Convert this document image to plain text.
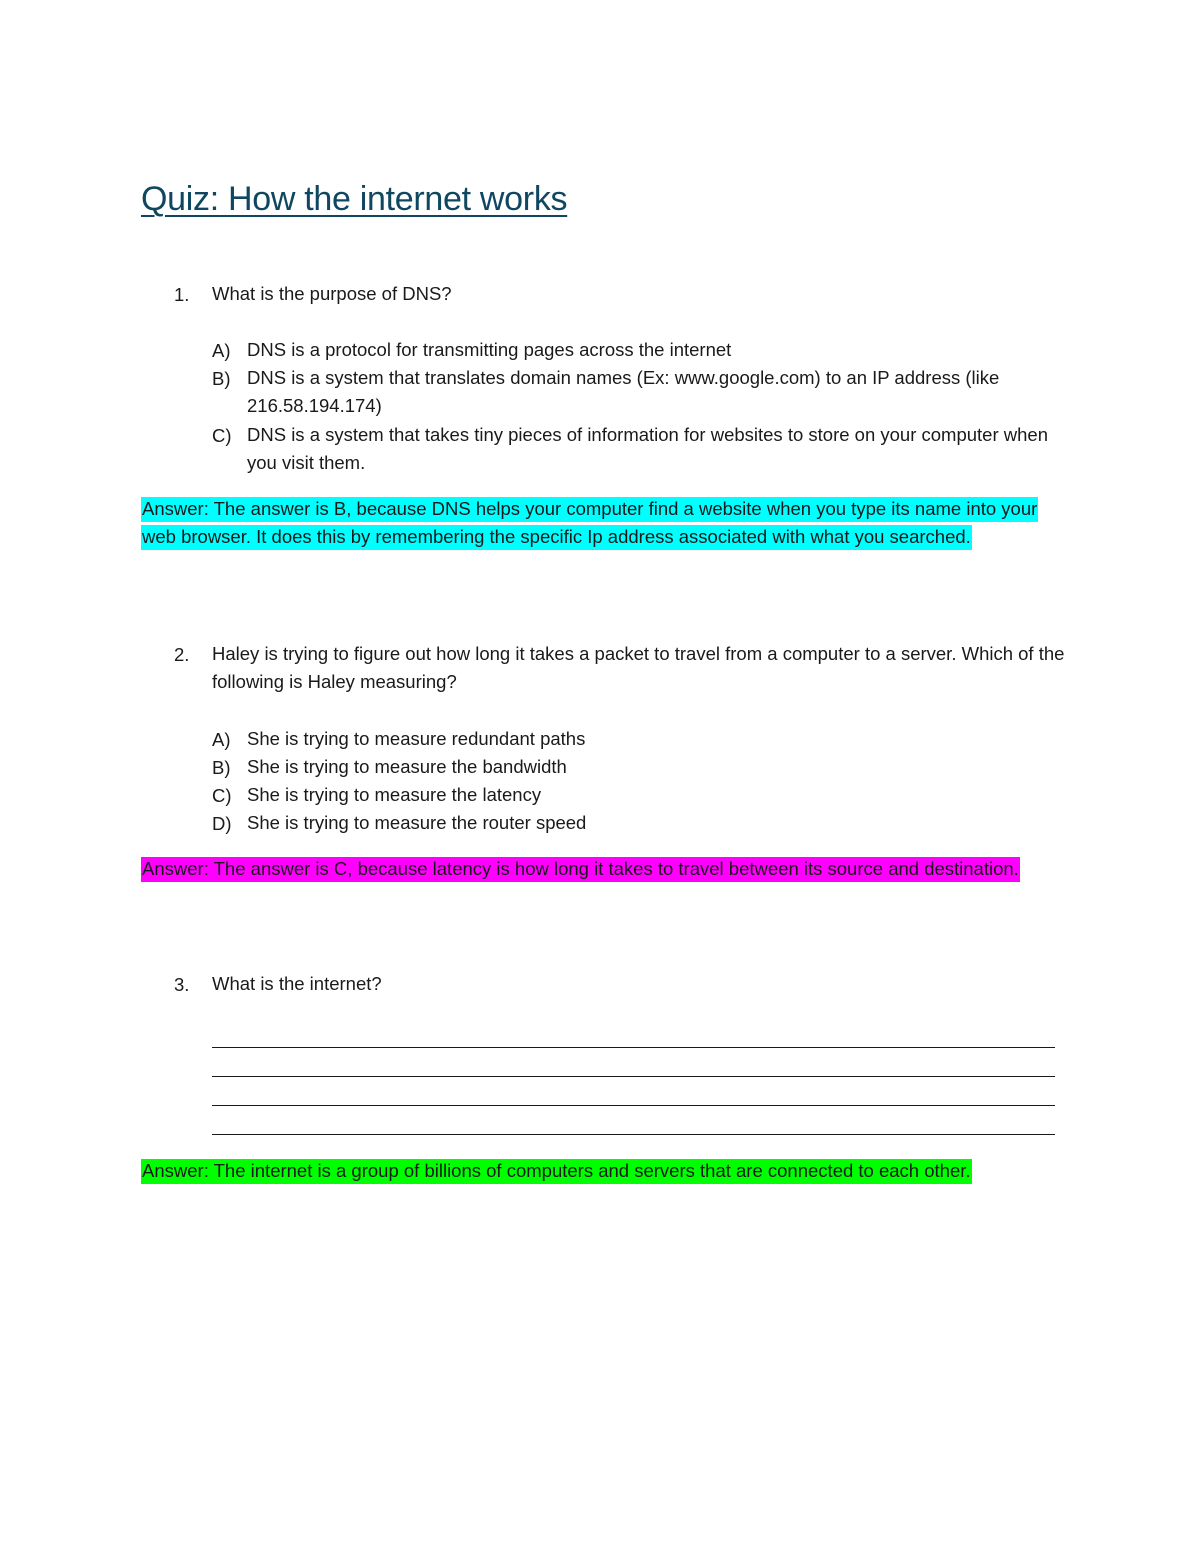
Quiz: How the internet works
1. What is the purpose of DNS?
A) DNS is a protocol for transmitting pages across the internet
B) DNS is a system that translates domain names (Ex: www.google.com) to an IP address (like 216.58.194.174)
C) DNS is a system that takes tiny pieces of information for websites to store on your computer when you visit them.
Answer: The answer is B, because DNS helps your computer find a website when you type its name into your web browser. It does this by remembering the specific Ip address associated with what you searched.
2. Haley is trying to figure out how long it takes a packet to travel from a computer to a server. Which of the following is Haley measuring?
A) She is trying to measure redundant paths
B) She is trying to measure the bandwidth
C) She is trying to measure the latency
D) She is trying to measure the router speed
Answer: The answer is C, because latency is how long it takes to travel between its source and destination.
3. What is the internet?
Answer: The internet is a group of billions of computers and servers that are connected to each other.
